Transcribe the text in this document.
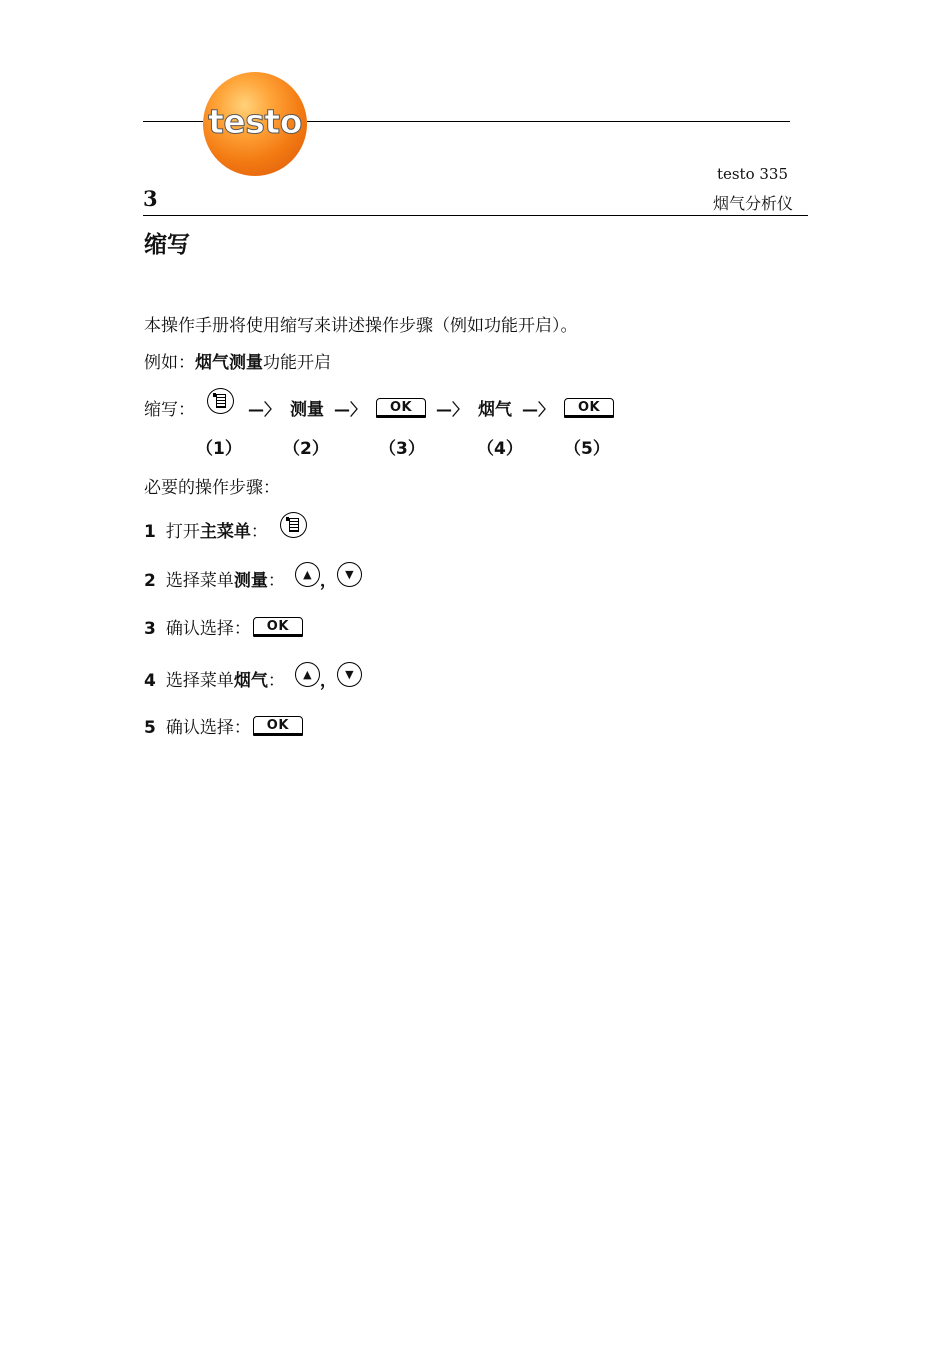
testo
testo 335
3	烟气分析仪
缩写
本操作手册将使用缩写来讲述操作步骤（例如功能开启）。
例如：烟气测量功能开启
缩写：	—〉 测量 —〉	OK	—〉 烟气 —〉	OK
（1） （2）	（3）	（4） （5）
必要的操作步骤：
1 打开 主菜单 ：
2 选择菜单 测量 ：	▲ ， ▼
3 确认选择：	OK
4 选择菜单 烟气 ：	▲ ， ▼
5 确认选择：	OK
